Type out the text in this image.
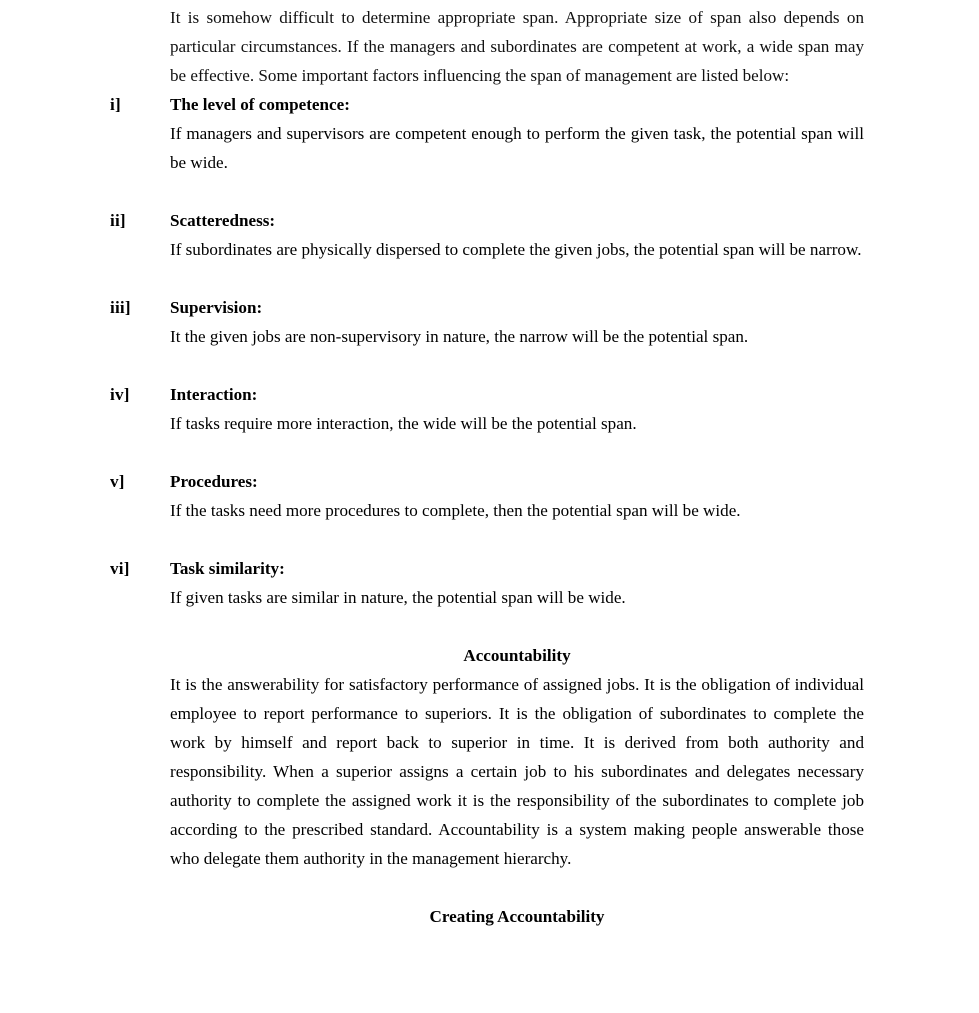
It is somehow difficult to determine appropriate span. Appropriate size of span also depends on particular circumstances. If the managers and subordinates are competent at work, a wide span may be effective. Some important factors influencing the span of management are listed below:

i]	The level of competence:
If managers and supervisors are competent enough to perform the given task, the potential span will be wide.
ii]	Scatteredness:
If subordinates are physically dispersed to complete the given jobs, the potential span will be narrow.
iii]	Supervision:
It the given jobs are non-supervisory in nature, the narrow will be the potential span.
iv]	Interaction:
If tasks require more interaction, the wide will be the potential span.
v]	Procedures:
If the tasks need more procedures to complete, then the potential span will be wide.
vi]	Task similarity:
If given tasks are similar in nature, the potential span will be wide.
Accountability
It is the answerability for satisfactory performance of assigned jobs. It is the obligation of individual employee to report performance to superiors. It is the obligation of subordinates to complete the work by himself and report back to superior in time. It is derived from both authority and responsibility. When a superior assigns a certain job to his subordinates and delegates necessary authority to complete the assigned work it is the responsibility of the subordinates to complete job according to the prescribed standard. Accountability is a system making people answerable those who delegate them authority in the management hierarchy.
Creating Accountability
